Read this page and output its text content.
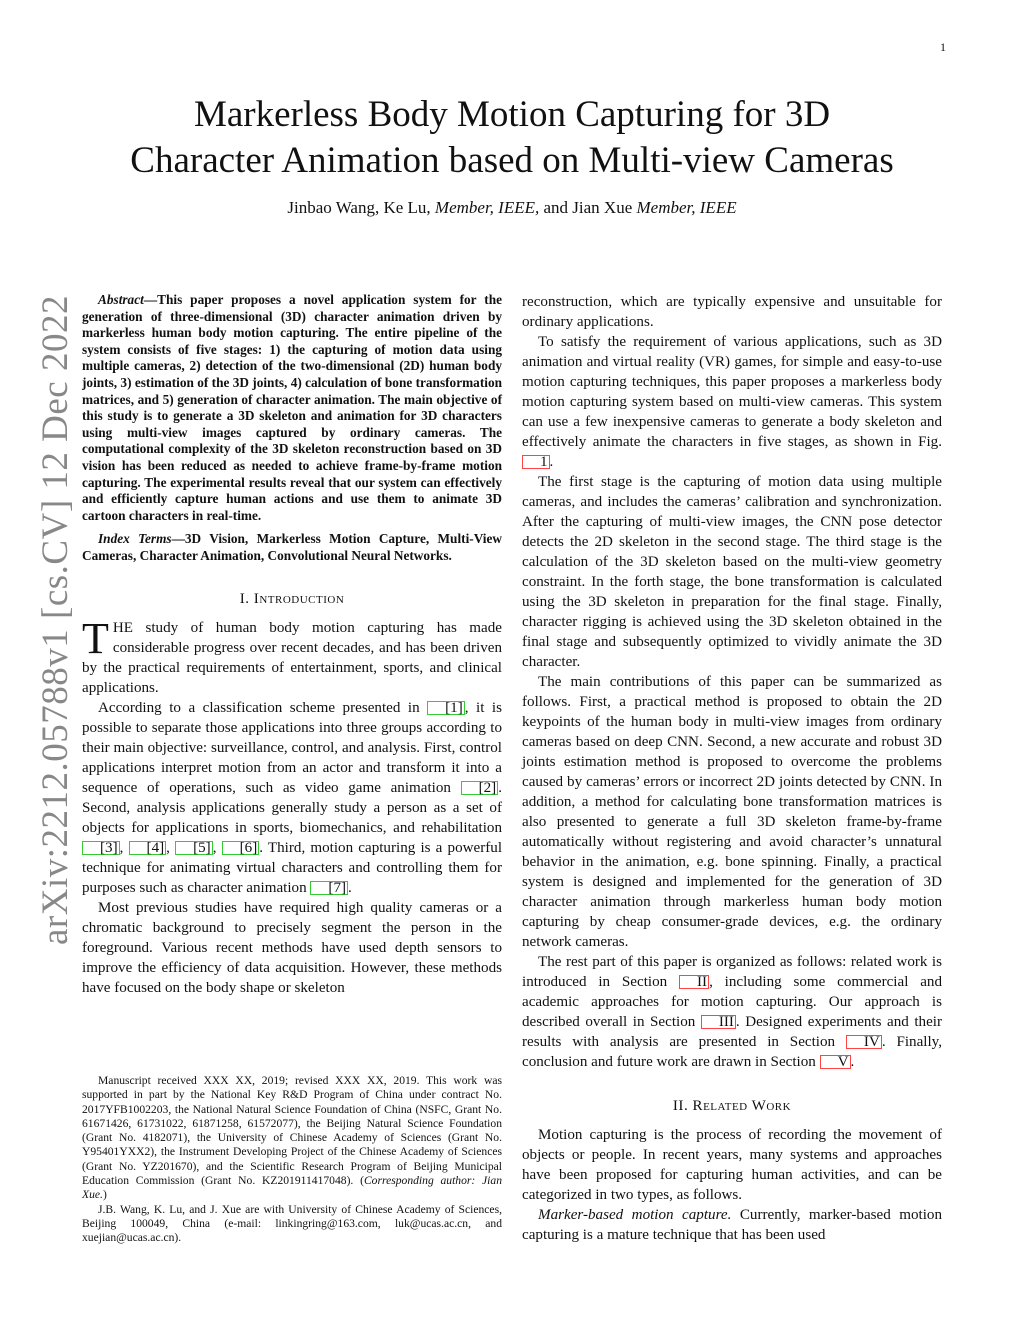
1
Markerless Body Motion Capturing for 3D
Character Animation based on Multi-view Cameras
Jinbao Wang, Ke Lu, Member, IEEE, and Jian Xue Member, IEEE
arXiv:2212.05788v1 [cs.CV] 12 Dec 2022	Abstract—This paper proposes a novel application system for the generation of three-dimensional (3D) character animation driven by markerless human body motion capturing. The entire pipeline of the system consists of five stages: 1) the capturing of motion data using multiple cameras, 2) detection of the two-dimensional (2D) human body joints, 3) estimation of the 3D joints, 4) calculation of bone transformation matrices, and 5) generation of character animation. The main objective of this study is to generate a 3D skeleton and animation for 3D characters using multi-view images captured by ordinary cameras. The computational complexity of the 3D skeleton reconstruction based on 3D vision has been reduced as needed to achieve frame-by-frame motion capturing. The experimental results reveal that our system can effectively and efficiently capture human actions and use them to animate 3D cartoon characters in real-time.

Index Terms—3D Vision, Markerless Motion Capture, Multi-View Cameras, Character Animation, Convolutional Neural Networks.

I. Introduction

THE study of human body motion capturing has made considerable progress over recent decades, and has been driven by the practical requirements of entertainment, sports, and clinical applications.

According to a classification scheme presented in [1] , it is possible to separate those applications into three groups according to their main objective: surveillance, control, and analysis. First, control applications interpret motion from an actor and transform it into a sequence of operations, such as video game animation [2] . Second, analysis applications generally study a person as a set of objects for applications in sports, biomechanics, and rehabilitation [3] , [4] , [5] , [6] . Third, motion capturing is a powerful technique for animating virtual characters and controlling them for purposes such as character animation [7] .

Most previous studies have required high quality cameras or a chromatic background to precisely segment the person in the foreground. Various recent methods have used depth sensors to improve the efficiency of data acquisition. However, these methods have focused on the body shape or skeleton

Manuscript received XXX XX, 2019; revised XXX XX, 2019. This work was supported in part by the National Key R&D Program of China under contract No. 2017YFB1002203, the National Natural Science Foundation of China (NSFC, Grant No. 61671426, 61731022, 61871258, 61572077), the Beijing Natural Science Foundation (Grant No. 4182071), the University of Chinese Academy of Sciences (Grant No. Y95401YXX2), the Instrument Developing Project of the Chinese Academy of Sciences (Grant No. YZ201670), and the Scientific Research Program of Beijing Municipal Education Commission (Grant No. KZ201911417048). (Corresponding author: Jian Xue.)

J.B. Wang, K. Lu, and J. Xue are with University of Chinese Academy of Sciences, Beijing 100049, China (e-mail: linkingring@163.com, luk@ucas.ac.cn, and xuejian@ucas.ac.cn).

reconstruction, which are typically expensive and unsuitable for ordinary applications.

To satisfy the requirement of various applications, such as 3D animation and virtual reality (VR) games, for simple and easy-to-use motion capturing techniques, this paper proposes a markerless body motion capturing system based on multi-view cameras. This system can use a few inexpensive cameras to generate a body skeleton and effectively animate the characters in five stages, as shown in Fig. 1 .

The first stage is the capturing of motion data using multiple cameras, and includes the cameras’ calibration and synchronization. After the capturing of multi-view images, the CNN pose detector detects the 2D skeleton in the second stage. The third stage is the calculation of the 3D skeleton based on the multi-view geometry constraint. In the forth stage, the bone transformation is calculated using the 3D skeleton in preparation for the final stage. Finally, character rigging is achieved using the 3D skeleton obtained in the final stage and subsequently optimized to vividly animate the 3D character.

The main contributions of this paper can be summarized as follows. First, a practical method is proposed to obtain the 2D keypoints of the human body in multi-view images from ordinary cameras based on deep CNN. Second, a new accurate and robust 3D joints estimation method is proposed to overcome the problems caused by cameras’ errors or incorrect 2D joints detected by CNN. In addition, a method for calculating bone transformation matrices is also presented to generate a full 3D skeleton frame-by-frame automatically without registering and avoid character’s unnatural behavior in the animation, e.g. bone spinning. Finally, a practical system is designed and implemented for the generation of 3D character animation through markerless human body motion capturing by cheap consumer-grade devices, e.g. the ordinary network cameras.

The rest part of this paper is organized as follows: related work is introduced in Section II , including some commercial and academic approaches for motion capturing. Our approach is described overall in Section III . Designed experiments and their results with analysis are presented in Section IV . Finally, conclusion and future work are drawn in Section V .

II. Related Work

Motion capturing is the process of recording the movement of objects or people. In recent years, many systems and approaches have been proposed for capturing human activities, and can be categorized in two types, as follows.

Marker-based motion capture. Currently, marker-based motion capturing is a mature technique that has been used
